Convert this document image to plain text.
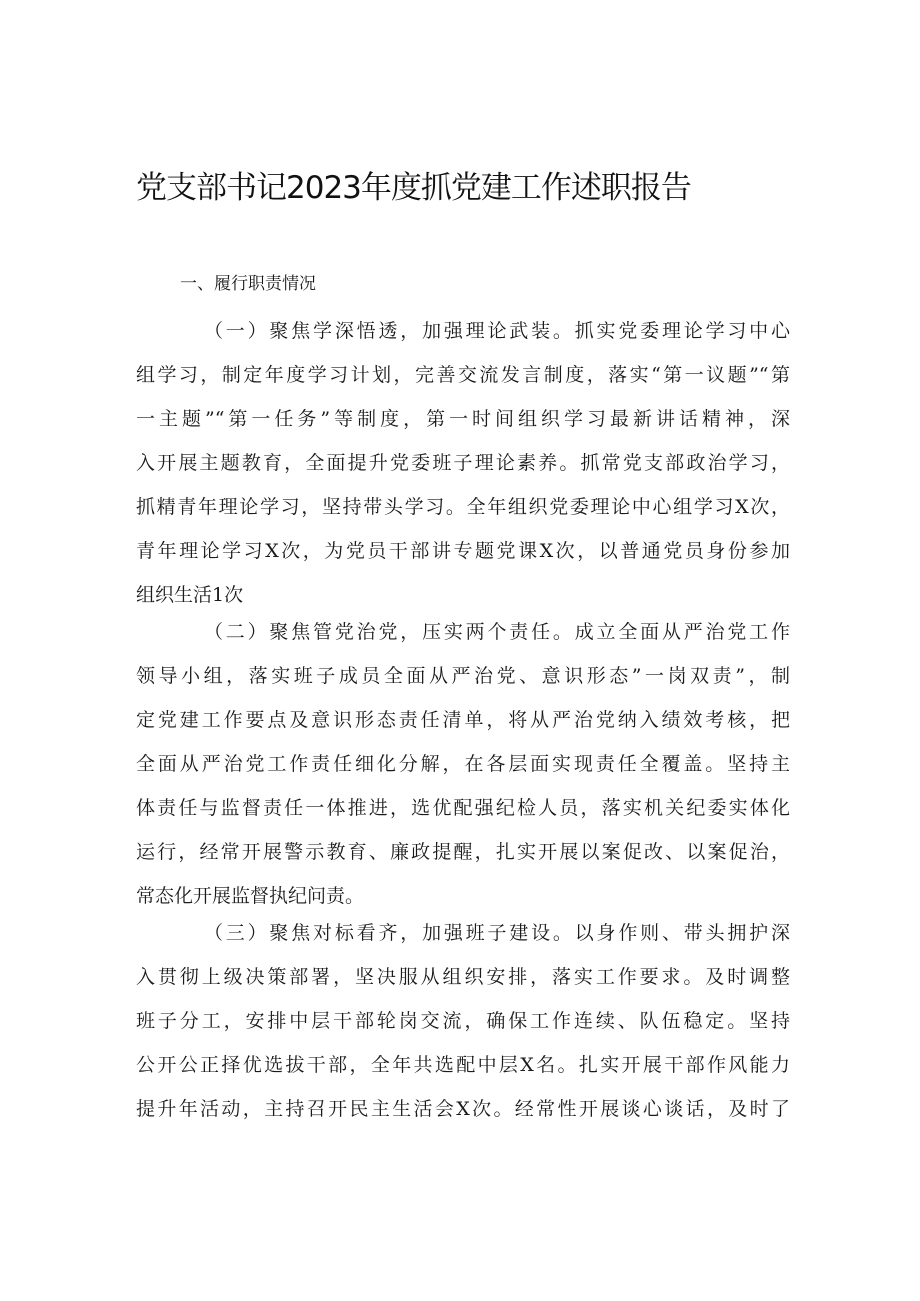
党支部书记2023年度抓党建工作述职报告
一、履行职责情况
（一）聚焦学深悟透，加强理论武装。抓实党委理论学习中心
组学习，制定年度学习计划，完善交流发言制度，落实“第一议题”“第
一主题”“第一任务”等制度，第一时间组织学习最新讲话精神，深
入开展主题教育，全面提升党委班子理论素养。抓常党支部政治学习，
抓精青年理论学习，坚持带头学习。全年组织党委理论中心组学习X次，
青年理论学习X次，为党员干部讲专题党课X次，以普通党员身份参加
组织生活1次
（二）聚焦管党治党，压实两个责任。成立全面从严治党工作
领导小组，落实班子成员全面从严治党、意识形态”一岗双责”，制
定党建工作要点及意识形态责任清单，将从严治党纳入绩效考核，把
全面从严治党工作责任细化分解，在各层面实现责任全覆盖。坚持主
体责任与监督责任一体推进，选优配强纪检人员，落实机关纪委实体化
运行，经常开展警示教育、廉政提醒，扎实开展以案促改、以案促治，
常态化开展监督执纪问责。
（三）聚焦对标看齐，加强班子建设。以身作则、带头拥护深
入贯彻上级决策部署，坚决服从组织安排，落实工作要求。及时调整
班子分工，安排中层干部轮岗交流，确保工作连续、队伍稳定。坚持
公开公正择优选拔干部，全年共选配中层X名。扎实开展干部作风能力
提升年活动，主持召开民主生活会X次。经常性开展谈心谈话，及时了
